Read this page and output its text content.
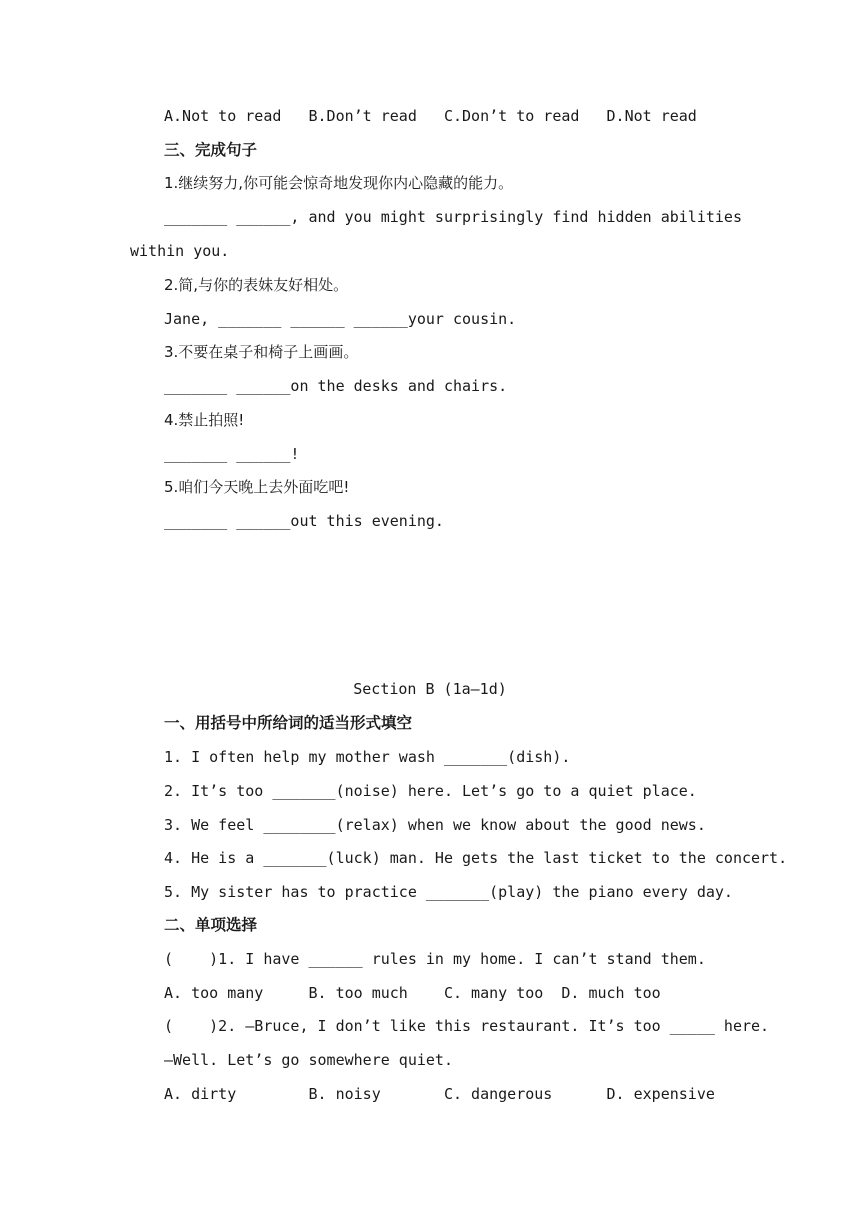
A.Not to read   B.Don’t read   C.Don’t to read   D.Not read
三、完成句子
1.继续努力,你可能会惊奇地发现你内心隐藏的能力。
_______ ______, and you might surprisingly find hidden abilities
within you.
2.简,与你的表妹友好相处。
Jane, _______ ______ ______your cousin.
3.不要在桌子和椅子上画画。
_______ ______on the desks and chairs.
4.禁止拍照!
_______ ______!
5.咱们今天晚上去外面吃吧!
_______ ______out this evening.
Section B (1a—1d)
一、用括号中所给词的适当形式填空
1. I often help my mother wash _______(dish).
2. It’s too _______(noise) here. Let’s go to a quiet place.
3. We feel ________(relax) when we know about the good news.
4. He is a _______(luck) man. He gets the last ticket to the concert.
5. My sister has to practice _______(play) the piano every day.
二、单项选择
(    )1. I have ______ rules in my home. I can’t stand them.
A. too many     B. too much    C. many too  D. much too
(    )2. —Bruce, I don’t like this restaurant. It’s too _____ here.
—Well. Let’s go somewhere quiet.
A. dirty        B. noisy       C. dangerous      D. expensive
